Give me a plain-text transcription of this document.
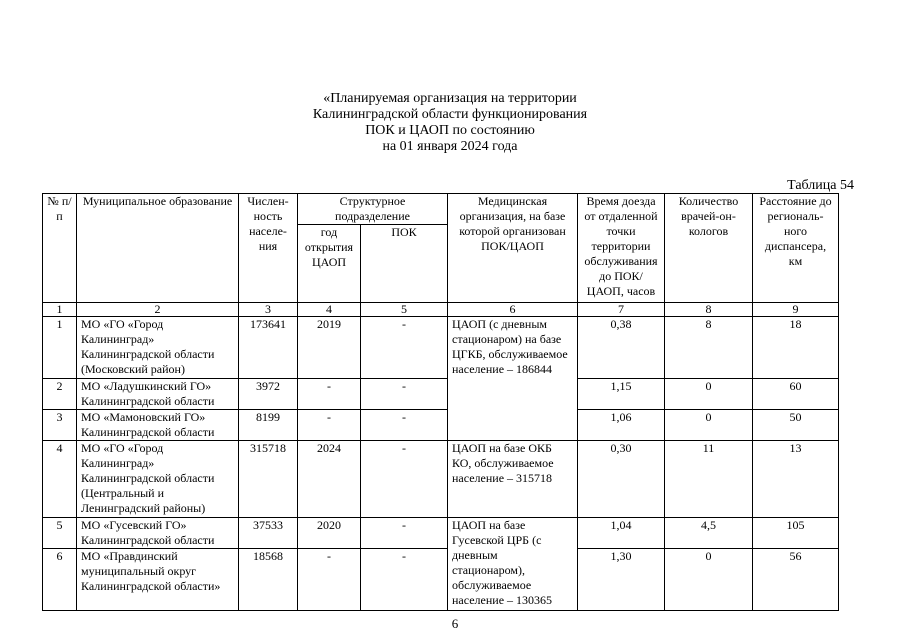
«Планируемая организация на территории
Калининградской области функционирования
ПОК и ЦАОП по состоянию
на 01 января 2024 года
Таблица 54
№ п/п	Муниципальное образование	Числен- ность населе- ния	Структурное подразделение		Медицинская организация, на базе которой организован ПОК/ЦАОП	Время доезда от отдаленной точки территории обслуживания до ПОК/ ЦАОП, часов	Количество врачей-он- кологов	Расстояние до региональ- ного диспансера, км
			год открытия ЦАОП	ПОК				
1	2	3	4	5	6	7	8	9
1	МО «ГО «Город Калининград» Калининградской области (Московский район)	173641	2019	-	ЦАОП (с дневным стационаром) на базе ЦГКБ, обслуживаемое население – 186844	0,38	8	18
2	МО «Ладушкинский ГО» Калининградской области	3972	-	-		1,15	0	60
3	МО «Мамоновский ГО» Калининградской области	8199	-	-		1,06	0	50
4	МО «ГО «Город Калининград» Калининградской области (Центральный и Ленинградский районы)	315718	2024	-	ЦАОП на базе ОКБ КО, обслуживаемое население – 315718	0,30	11	13
5	МО «Гусевский ГО» Калининградской области	37533	2020	-	ЦАОП на базе Гусевской ЦРБ (с дневным стационаром), обслуживаемое население – 130365	1,04	4,5	105
6	МО «Правдинский муниципальный округ Калининградской области»	18568	-	-		1,30	0	56
6
